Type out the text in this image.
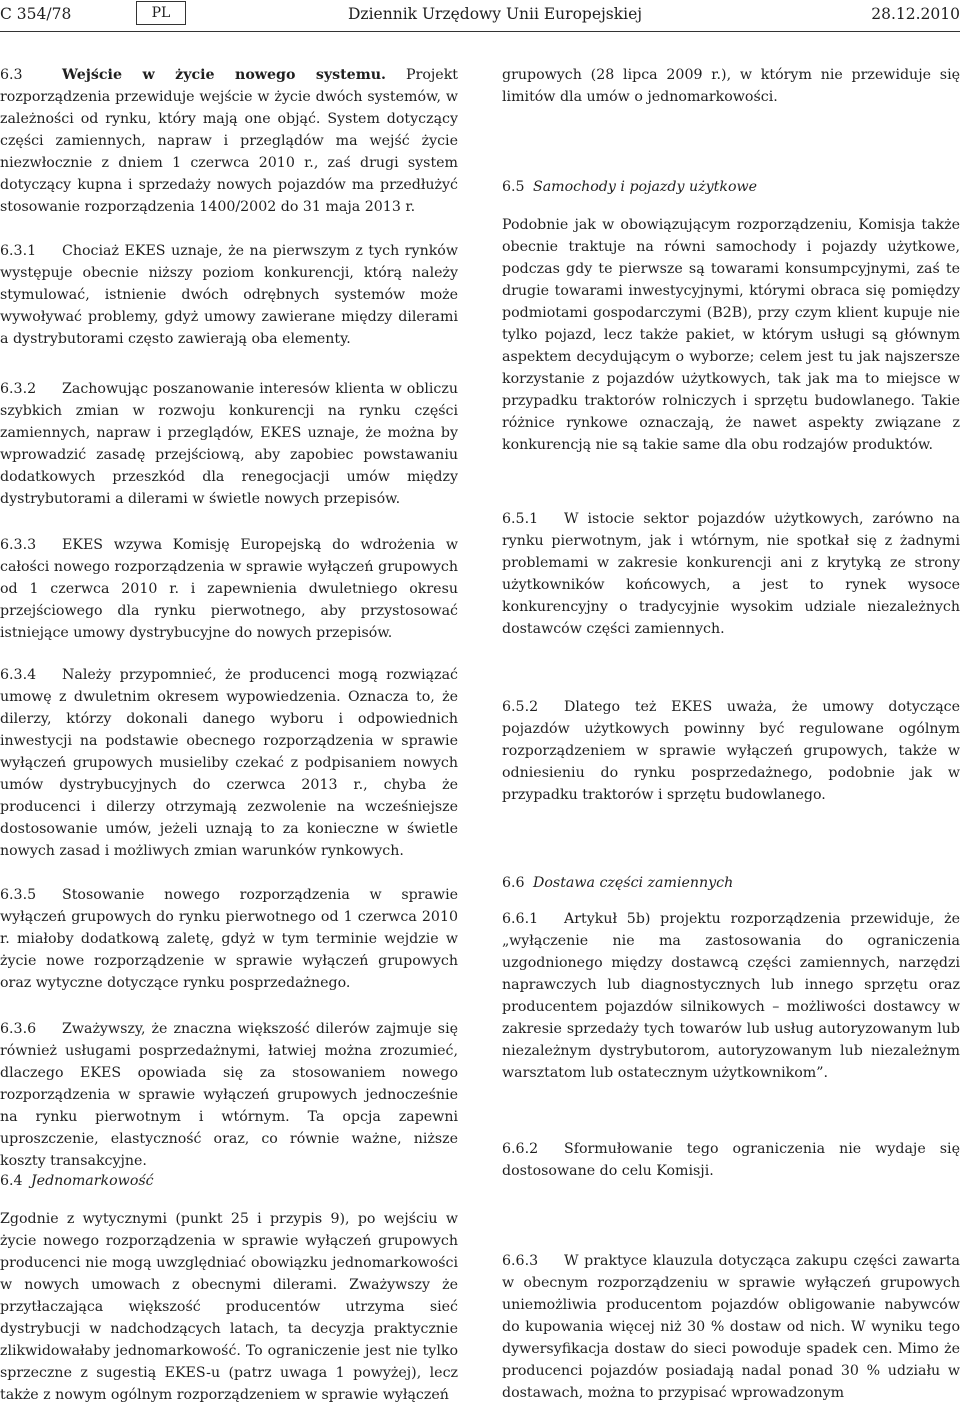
C 354/78	PL	Dziennik Urzędowy Unii Europejskiej	28.12.2010
6.3	Wejście w życie nowego systemu. Projekt rozporządzenia przewiduje wejście w życie dwóch systemów, w zależności od rynku, który mają one objąć. System dotyczący części zamiennych, napraw i przeglądów ma wejść życie niezwłocznie z dniem 1 czerwca 2010 r., zaś drugi system dotyczący kupna i sprzedaży nowych pojazdów ma przedłużyć stosowanie rozporządzenia 1400/2002 do 31 maja 2013 r.
6.3.1 Chociaż EKES uznaje, że na pierwszym z tych rynków występuje obecnie niższy poziom konkurencji, którą należy stymulować, istnienie dwóch odrębnych systemów może wywoływać problemy, gdyż umowy zawierane między dilerami a dystrybutorami często zawierają oba elementy.
6.3.2 Zachowując poszanowanie interesów klienta w obliczu szybkich zmian w rozwoju konkurencji na rynku części zamiennych, napraw i przeglądów, EKES uznaje, że można by wprowadzić zasadę przejściową, aby zapobiec powstawaniu dodatkowych przeszkód dla renegocjacji umów między dystrybutorami a dilerami w świetle nowych przepisów.
6.3.3 EKES wzywa Komisję Europejską do wdrożenia w całości nowego rozporządzenia w sprawie wyłączeń grupowych od 1 czerwca 2010 r. i zapewnienia dwuletniego okresu przejściowego dla rynku pierwotnego, aby przystosować istniejące umowy dystrybucyjne do nowych przepisów.
6.3.4 Należy przypomnieć, że producenci mogą rozwiązać umowę z dwuletnim okresem wypowiedzenia. Oznacza to, że dilerzy, którzy dokonali danego wyboru i odpowiednich inwestycji na podstawie obecnego rozporządzenia w sprawie wyłączeń grupowych musieliby czekać z podpisaniem nowych umów dystrybucyjnych do czerwca 2013 r., chyba że producenci i dilerzy otrzymają zezwolenie na wcześniejsze dostosowanie umów, jeżeli uznają to za konieczne w świetle nowych zasad i możliwych zmian warunków rynkowych.
6.3.5 Stosowanie nowego rozporządzenia w sprawie wyłączeń grupowych do rynku pierwotnego od 1 czerwca 2010 r. miałoby dodatkową zaletę, gdyż w tym terminie wejdzie w życie nowe rozporządzenie w sprawie wyłączeń grupowych oraz wytyczne dotyczące rynku posprzedażnego.
6.3.6 Zważywszy, że znaczna większość dilerów zajmuje się również usługami posprzedażnymi, łatwiej można zrozumieć, dlaczego EKES opowiada się za stosowaniem nowego rozporządzenia w sprawie wyłączeń grupowych jednocześnie na rynku pierwotnym i wtórnym. Ta opcja zapewni uproszczenie, elastyczność oraz, co równie ważne, niższe koszty transakcyjne.
6.4 Jednomarkowość
Zgodnie z wytycznymi (punkt 25 i przypis 9), po wejściu w życie nowego rozporządzenia w sprawie wyłączeń grupowych producenci nie mogą uwzględniać obowiązku jednomarkowości w nowych umowach z obecnymi dilerami. Zważywszy że przytłaczająca większość producentów utrzyma sieć dystrybucji w nadchodzących latach, ta decyzja praktycznie zlikwidowałaby jednomarkowość. To ograniczenie jest nie tylko sprzeczne z sugestią EKES-u (patrz uwaga 1 powyżej), lecz także z nowym ogólnym rozporządzeniem w sprawie wyłączeń
grupowych (28 lipca 2009 r.), w którym nie przewiduje się limitów dla umów o jednomarkowości.
6.5 Samochody i pojazdy użytkowe
Podobnie jak w obowiązującym rozporządzeniu, Komisja także obecnie traktuje na równi samochody i pojazdy użytkowe, podczas gdy te pierwsze są towarami konsumpcyjnymi, zaś te drugie towarami inwestycyjnymi, którymi obraca się pomiędzy podmiotami gospodarczymi (B2B), przy czym klient kupuje nie tylko pojazd, lecz także pakiet, w którym usługi są głównym aspektem decydującym o wyborze; celem jest tu jak najszersze korzystanie z pojazdów użytkowych, tak jak ma to miejsce w przypadku traktorów rolniczych i sprzętu budowlanego. Takie różnice rynkowe oznaczają, że nawet aspekty związane z konkurencją nie są takie same dla obu rodzajów produktów.
6.5.1 W istocie sektor pojazdów użytkowych, zarówno na rynku pierwotnym, jak i wtórnym, nie spotkał się z żadnymi problemami w zakresie konkurencji ani z krytyką ze strony użytkowników końcowych, a jest to rynek wysoce konkurencyjny o tradycyjnie wysokim udziale niezależnych dostawców części zamiennych.
6.5.2 Dlatego też EKES uważa, że umowy dotyczące pojazdów użytkowych powinny być regulowane ogólnym rozporządzeniem w sprawie wyłączeń grupowych, także w odniesieniu do rynku posprzedażnego, podobnie jak w przypadku traktorów i sprzętu budowlanego.
6.6 Dostawa części zamiennych
6.6.1 Artykuł 5b) projektu rozporządzenia przewiduje, że „wyłączenie nie ma zastosowania do ograniczenia uzgodnionego między dostawcą części zamiennych, narzędzi naprawczych lub diagnostycznych lub innego sprzętu oraz producentem pojazdów silnikowych – możliwości dostawcy w zakresie sprzedaży tych towarów lub usług autoryzowanym lub niezależnym dystrybutorom, autoryzowanym lub niezależnym warsztatom lub ostatecznym użytkownikom”.
6.6.2 Sformułowanie tego ograniczenia nie wydaje się dostosowane do celu Komisji.
6.6.3 W praktyce klauzula dotycząca zakupu części zawarta w obecnym rozporządzeniu w sprawie wyłączeń grupowych uniemożliwia producentom pojazdów obligowanie nabywców do kupowania więcej niż 30 % dostaw od nich. W wyniku tego dywersyfikacja dostaw do sieci powoduje spadek cen. Mimo że producenci pojazdów posiadają nadal ponad 30 % udziału w dostawach, można to przypisać wprowadzonym
